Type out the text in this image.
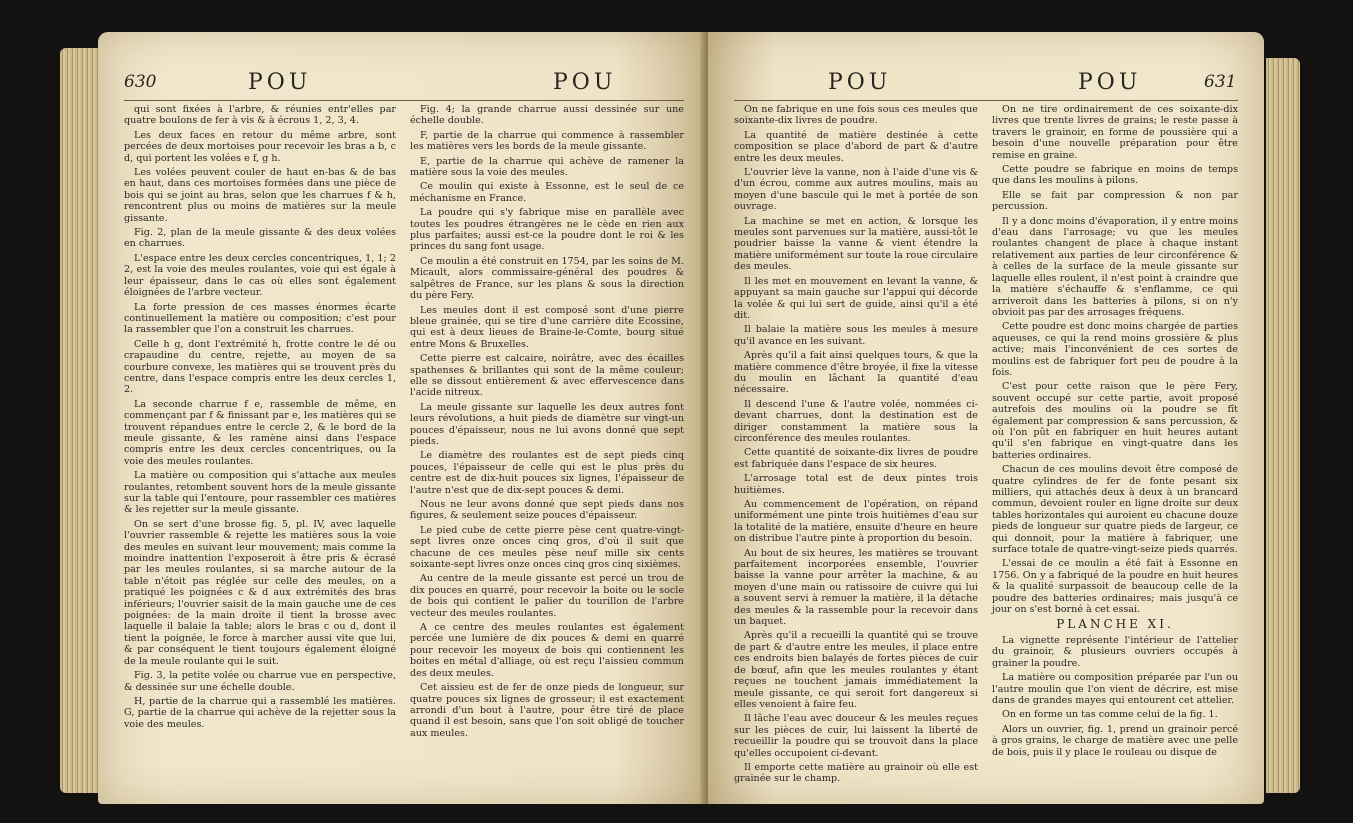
630	POU	POU

qui sont fixées à l'arbre, & réunies entr'elles par quatre boulons de fer à vis & à écrous 1, 2, 3, 4.

Les deux faces en retour du même arbre, sont percées de deux mortoises pour recevoir les bras a b, c d, qui portent les volées e f, g h.

Les volées peuvent couler de haut en-bas & de bas en haut, dans ces mortoises formées dans une pièce de bois qui se joint au bras, selon que les charrues f & h, rencontrent plus ou moins de matières sur la meule gissante.

Fig. 2, plan de la meule gissante & des deux volées en charrues.

L'espace entre les deux cercles concentriques, 1, 1; 2 2, est la voie des meules roulantes, voie qui est égale à leur épaisseur, dans le cas où elles sont également éloignées de l'arbre vecteur.

La forte pression de ces masses énormes écarte continuellement la matière ou composition; c'est pour la rassembler que l'on a construit les charrues.

Celle h g, dont l'extrémité h, frotte contre le dé ou crapaudine du centre, rejette, au moyen de sa courbure convexe, les matières qui se trouvent près du centre, dans l'espace compris entre les deux cercles 1, 2.

La seconde charrue f e, rassemble de même, en commençant par f & finissant par e, les matières qui se trouvent répandues entre le cercle 2, & le bord de la meule gissante, & les ramène ainsi dans l'espace compris entre les deux cercles concentriques, ou la voie des meules roulantes.

La matière ou composition qui s'attache aux meules roulantes, retombent souvent hors de la meule gissante sur la table qui l'entoure, pour rassembler ces matières & les rejetter sur la meule gissante.

On se sert d'une brosse fig. 5, pl. IV, avec laquelle l'ouvrier rassemble & rejette les matières sous la voie des meules en suivant leur mouvement; mais comme la moindre inattention l'exposeroit à être pris & écrasé par les meules roulantes, si sa marche autour de la table n'étoit pas réglée sur celle des meules, on a pratiqué les poignées c & d aux extrémités des bras inférieurs; l'ouvrier saisit de la main gauche une de ces poignées: de la main droite il tient la brosse avec laquelle il balaie la table; alors le bras c ou d, dont il tient la poignée, le force à marcher aussi vite que lui, & par conséquent le tient toujours également éloigné de la meule roulante qui le suit.

Fig. 3, la petite volée ou charrue vue en perspective, & dessinée sur une échelle double.

H, partie de la charrue qui a rassemblé les matières. G, partie de la charrue qui achève de la rejetter sous la voie des meules.

Fig. 4; la grande charrue aussi dessinée sur une échelle double.

F, partie de la charrue qui commence à rassembler les matières vers les bords de la meule gissante.

E, partie de la charrue qui achève de ramener la matière sous la voie des meules.

Ce moulin qui existe à Essonne, est le seul de ce méchanisme en France.

La poudre qui s'y fabrique mise en parallèle avec toutes les poudres étrangères ne le cède en rien aux plus parfaites; aussi est-ce la poudre dont le roi & les princes du sang font usage.

Ce moulin a été construit en 1754, par les soins de M. Micault, alors commissaire-général des poudres & salpêtres de France, sur les plans & sous la direction du père Fery.

Les meules dont il est composé sont d'une pierre bleue grainée, qui se tire d'une carrière dite Ecossine, qui est à deux lieues de Braine-le-Comte, bourg situé entre Mons & Bruxelles.

Cette pierre est calcaire, noirâtre, avec des écailles spathenses & brillantes qui sont de la même couleur; elle se dissout entièrement & avec effervescence dans l'acide nitreux.

La meule gissante sur laquelle les deux autres font leurs révolutions, a huit pieds de diamètre sur vingt-un pouces d'épaisseur, nous ne lui avons donné que sept pieds.

Le diamètre des roulantes est de sept pieds cinq pouces, l'épaisseur de celle qui est le plus près du centre est de dix-huit pouces six lignes, l'épaisseur de l'autre n'est que de dix-sept pouces & demi.

Nous ne leur avons donné que sept pieds dans nos figures, & seulement seize pouces d'épaisseur.

Le pied cube de cette pierre pèse cent quatre-vingt-sept livres onze onces cinq gros, d'où il suit que chacune de ces meules pèse neuf mille six cents soixante-sept livres onze onces cinq gros cinq sixièmes.

Au centre de la meule gissante est percé un trou de dix pouces en quarré, pour recevoir la boite ou le socle de bois qui contient le palier du tourillon de l'arbre vecteur des meules roulantes.

A ce centre des meules roulantes est également percée une lumière de dix pouces & demi en quarré pour recevoir les moyeux de bois qui contiennent les boites en métal d'alliage, où est reçu l'aissieu commun des deux meules.

Cet aissieu est de fer de onze pieds de longueur, sur quatre pouces six lignes de grosseur; il est exactement arrondi d'un bout à l'autre, pour être tiré de place quand il est besoin, sans que l'on soit obligé de toucher aux meules.

POU	POU	631

On ne fabrique en une fois sous ces meules que soixante-dix livres de poudre.

La quantité de matière destinée à cette composition se place d'abord de part & d'autre entre les deux meules.

L'ouvrier lève la vanne, non à l'aide d'une vis & d'un écrou, comme aux autres moulins, mais au moyen d'une bascule qui le met à portée de son ouvrage.

La machine se met en action, & lorsque les meules sont parvenues sur la matière, aussi-tôt le poudrier baisse la vanne & vient étendre la matière uniformément sur toute la roue circulaire des meules.

Il les met en mouvement en levant la vanne, & appuyant sa main gauche sur l'appui qui décorde la volée & qui lui sert de guide, ainsi qu'il a été dit.

Il balaie la matière sous les meules à mesure qu'il avance en les suivant.

Après qu'il a fait ainsi quelques tours, & que la matière commence d'être broyée, il fixe la vitesse du moulin en lâchant la quantité d'eau nécessaire.

Il descend l'une & l'autre volée, nommées ci-devant charrues, dont la destination est de diriger constamment la matière sous la circonférence des meules roulantes.

Cette quantité de soixante-dix livres de poudre est fabriquée dans l'espace de six heures.

L'arrosage total est de deux pintes trois huitièmes.

Au commencement de l'opération, on répand uniformément une pinte trois huitièmes d'eau sur la totalité de la matière, ensuite d'heure en heure on distribue l'autre pinte à proportion du besoin.

Au bout de six heures, les matières se trouvant parfaitement incorporées ensemble, l'ouvrier baisse la vanne pour arrêter la machine, & au moyen d'une main ou ratissoire de cuivre qui lui a souvent servi à remuer la matière, il la détache des meules & la rassemble pour la recevoir dans un baquet.

Après qu'il a recueilli la quantité qui se trouve de part & d'autre entre les meules, il place entre ces endroits bien balayés de fortes pièces de cuir de bœuf, afin que les meules roulantes y étant reçues ne touchent jamais immédiatement la meule gissante, ce qui seroit fort dangereux si elles venoient à faire feu.

Il lâche l'eau avec douceur & les meules reçues sur les pièces de cuir, lui laissent la liberté de recueillir la poudre qui se trouvoit dans la place qu'elles occupoient ci-devant.

Il emporte cette matière au grainoir où elle est grainée sur le champ.

On ne tire ordinairement de ces soixante-dix livres que trente livres de grains; le reste passe à travers le grainoir, en forme de poussière qui a besoin d'une nouvelle préparation pour être remise en graine.

Cette poudre se fabrique en moins de temps que dans les moulins à pilons.

Elle se fait par compression & non par percussion.

Il y a donc moins d'évaporation, il y entre moins d'eau dans l'arrosage; vu que les meules roulantes changent de place à chaque instant relativement aux parties de leur circonférence & à celles de la surface de la meule gissante sur laquelle elles roulent, il n'est point à craindre que la matière s'échauffe & s'enflamme, ce qui arriveroit dans les batteries à pilons, si on n'y obvioit pas par des arrosages fréquens.

Cette poudre est donc moins chargée de parties aqueuses, ce qui la rend moins grossière & plus active; mais l'inconvénient de ces sortes de moulins est de fabriquer fort peu de poudre à la fois.

C'est pour cette raison que le père Fery, souvent occupé sur cette partie, avoit proposé autrefois des moulins où la poudre se fît également par compression & sans percussion, & où l'on pût en fabriquer en huit heures autant qu'il s'en fabrique en vingt-quatre dans les batteries ordinaires.

Chacun de ces moulins devoit être composé de quatre cylindres de fer de fonte pesant six milliers, qui attachés deux à deux à un brancard commun, devoient rouler en ligne droite sur deux tables horizontales qui auroient eu chacune douze pieds de longueur sur quatre pieds de largeur, ce qui donnoit, pour la matière à fabriquer, une surface totale de quatre-vingt-seize pieds quarrés.

L'essai de ce moulin a été fait à Essonne en 1756. On y a fabriqué de la poudre en huit heures & la qualité surpassoit de beaucoup celle de la poudre des batteries ordinaires; mais jusqu'à ce jour on s'est borné à cet essai.

PLANCHE XI.

La vignette représente l'intérieur de l'attelier du grainoir, & plusieurs ouvriers occupés à grainer la poudre.

La matière ou composition préparée par l'un ou l'autre moulin que l'on vient de décrire, est mise dans de grandes mayes qui entourent cet attelier.

On en forme un tas comme celui de la fig. 1.

Alors un ouvrier, fig. 1, prend un grainoir percé à gros grains, le charge de matière avec une pelle de bois, puis il y place le rouleau ou disque de
